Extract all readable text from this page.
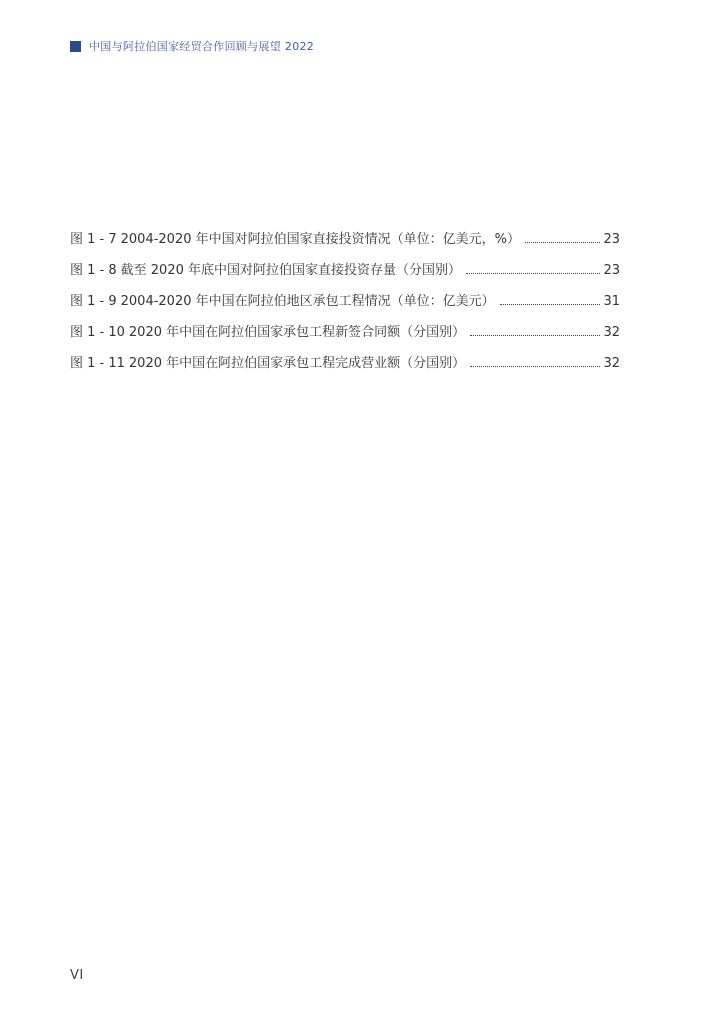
中国与阿拉伯国家经贸合作回顾与展望 2022
图 1 - 7 2004-2020 年中国对阿拉伯国家直接投资情况（单位：亿美元，%）	23
图 1 - 8 截至 2020 年底中国对阿拉伯国家直接投资存量（分国别）	23
图 1 - 9 2004-2020 年中国在阿拉伯地区承包工程情况（单位：亿美元）	31
图 1 - 10 2020 年中国在阿拉伯国家承包工程新签合同额（分国别）	32
图 1 - 11 2020 年中国在阿拉伯国家承包工程完成营业额（分国别）	32
VI
